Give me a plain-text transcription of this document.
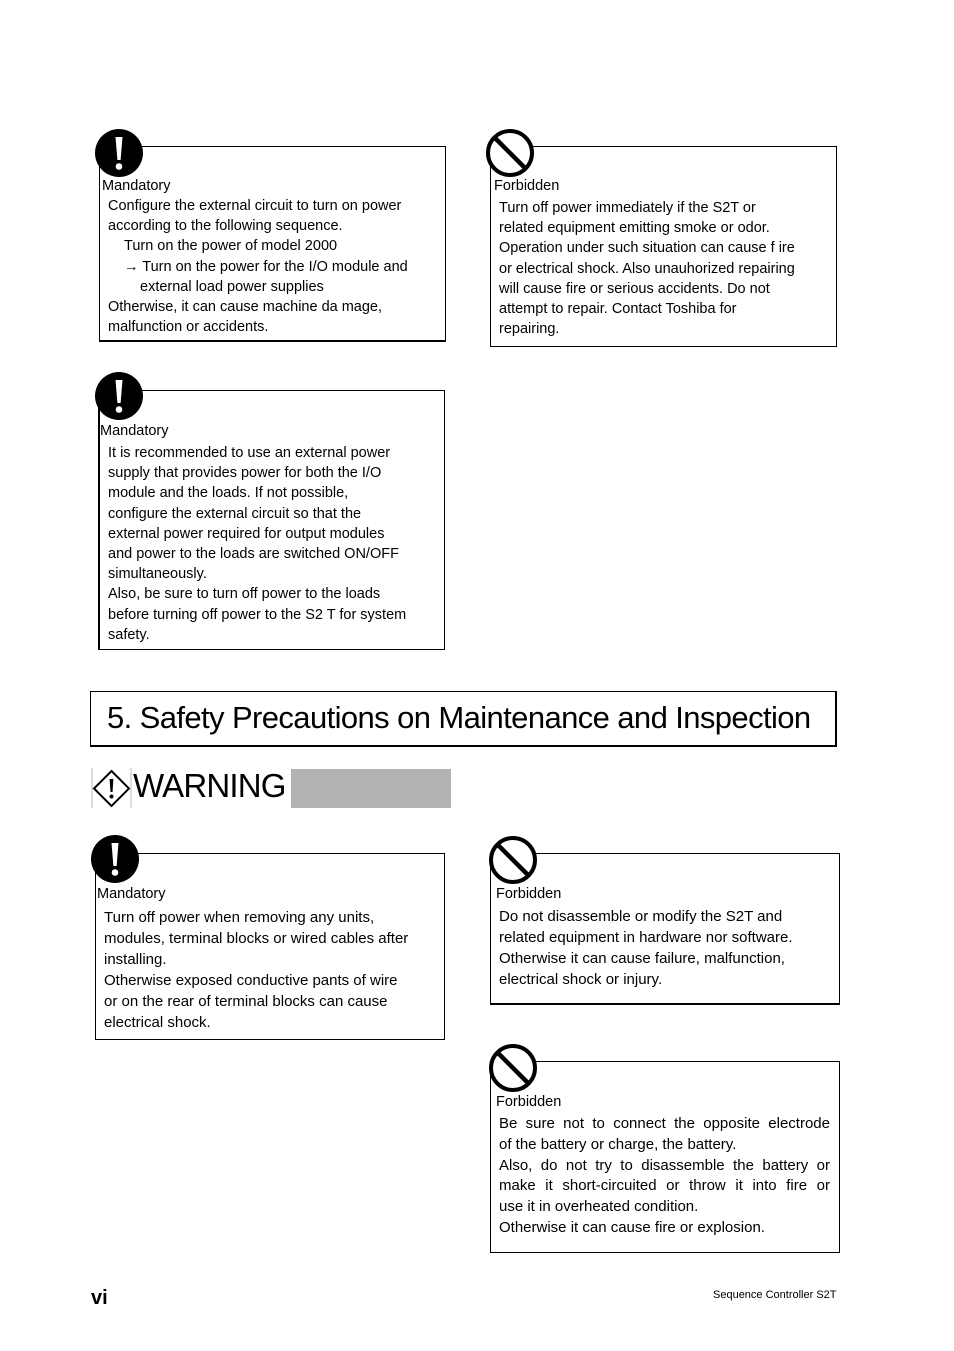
Mandatory

Configure the external circuit to turn on power

according to the following sequence.

Turn on the power of model 2000

→ Turn on the power for the I/O module and

external load power supplies

Otherwise, it can cause machine da mage,

malfunction or accidents.

Forbidden

Turn off power immediately if the S2T or

related equipment emitting smoke or odor.

Operation under such situation can cause f ire

or electrical shock. Also unauhorized repairing

will cause fire or serious accidents. Do not

attempt to repair. Contact Toshiba for

repairing.

Mandatory

It is recommended to use an external power

supply that provides power for both the I/O

module and the loads. If not possible,

configure the external circuit so that the

external power required for output modules

and power to the loads are switched ON/OFF

simultaneously.

Also, be sure to turn off power to the loads

before turning off power to the S2 T for system

safety.

5. Safety Precautions on Maintenance and Inspection
WARNING
Mandatory

Turn off power when removing any units,

modules, terminal blocks or wired cables after

installing.

Otherwise exposed conductive pants of wire

or on the rear of terminal blocks can cause

electrical shock.

Forbidden

Do not disassemble or modify the S2T and

related equipment in hardware nor software.

Otherwise it can cause failure, malfunction,

electrical shock or injury.

Forbidden

Be sure not to connect the opposite electrode

of the battery or charge, the battery.

Also, do not try to disassemble the battery or

make it short-circuited or throw it into fire or

use it in overheated condition.

Otherwise it can cause fire or explosion.

vi	Sequence Controller S2T
